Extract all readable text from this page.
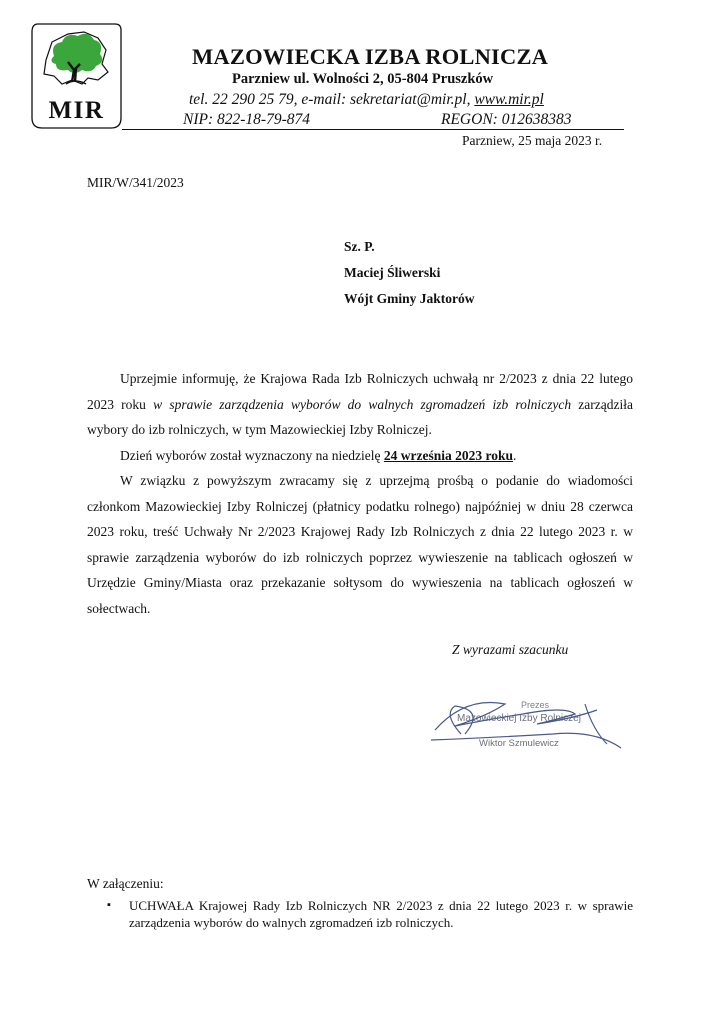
MIR
MAZOWIECKA IZBA ROLNICZA
Parzniew ul. Wolności 2, 05-804 Pruszków
tel. 22 290 25 79, e-mail: sekretariat@mir.pl, www.mir.pl
NIP: 822-18-79-874	REGON: 012638383
Parzniew, 25 maja 2023 r.
MIR/W/341/2023
Sz. P.
Maciej Śliwerski
Wójt Gminy Jaktorów

Uprzejmie informuję, że Krajowa Rada Izb Rolniczych uchwałą nr 2/2023 z dnia 22 lutego 2023 roku w sprawie zarządzenia wyborów do walnych zgromadzeń izb rolniczych zarządziła wybory do izb rolniczych, w tym Mazowieckiej Izby Rolniczej.

Dzień wyborów został wyznaczony na niedzielę 24 września 2023 roku.

W związku z powyższym zwracamy się z uprzejmą prośbą o podanie do wiadomości członkom Mazowieckiej Izby Rolniczej (płatnicy podatku rolnego) najpóźniej w dniu 28 czerwca 2023 roku, treść Uchwały Nr 2/2023 Krajowej Rady Izb Rolniczych z dnia 22 lutego 2023 r. w sprawie zarządzenia wyborów do izb rolniczych poprzez wywieszenie na tablicach ogłoszeń w Urzędzie Gminy/Miasta oraz przekazanie sołtysom do wywieszenia na tablicach ogłoszeń w sołectwach.

Z wyrazami szacunku
Prezes
Mazowieckiej Izby Rolniczej
Wiktor Szmulewicz
W załączeniu:
▪ UCHWAŁA Krajowej Rady Izb Rolniczych NR 2/2023 z dnia 22 lutego 2023 r. w sprawie zarządzenia wyborów do walnych zgromadzeń izb rolniczych.
